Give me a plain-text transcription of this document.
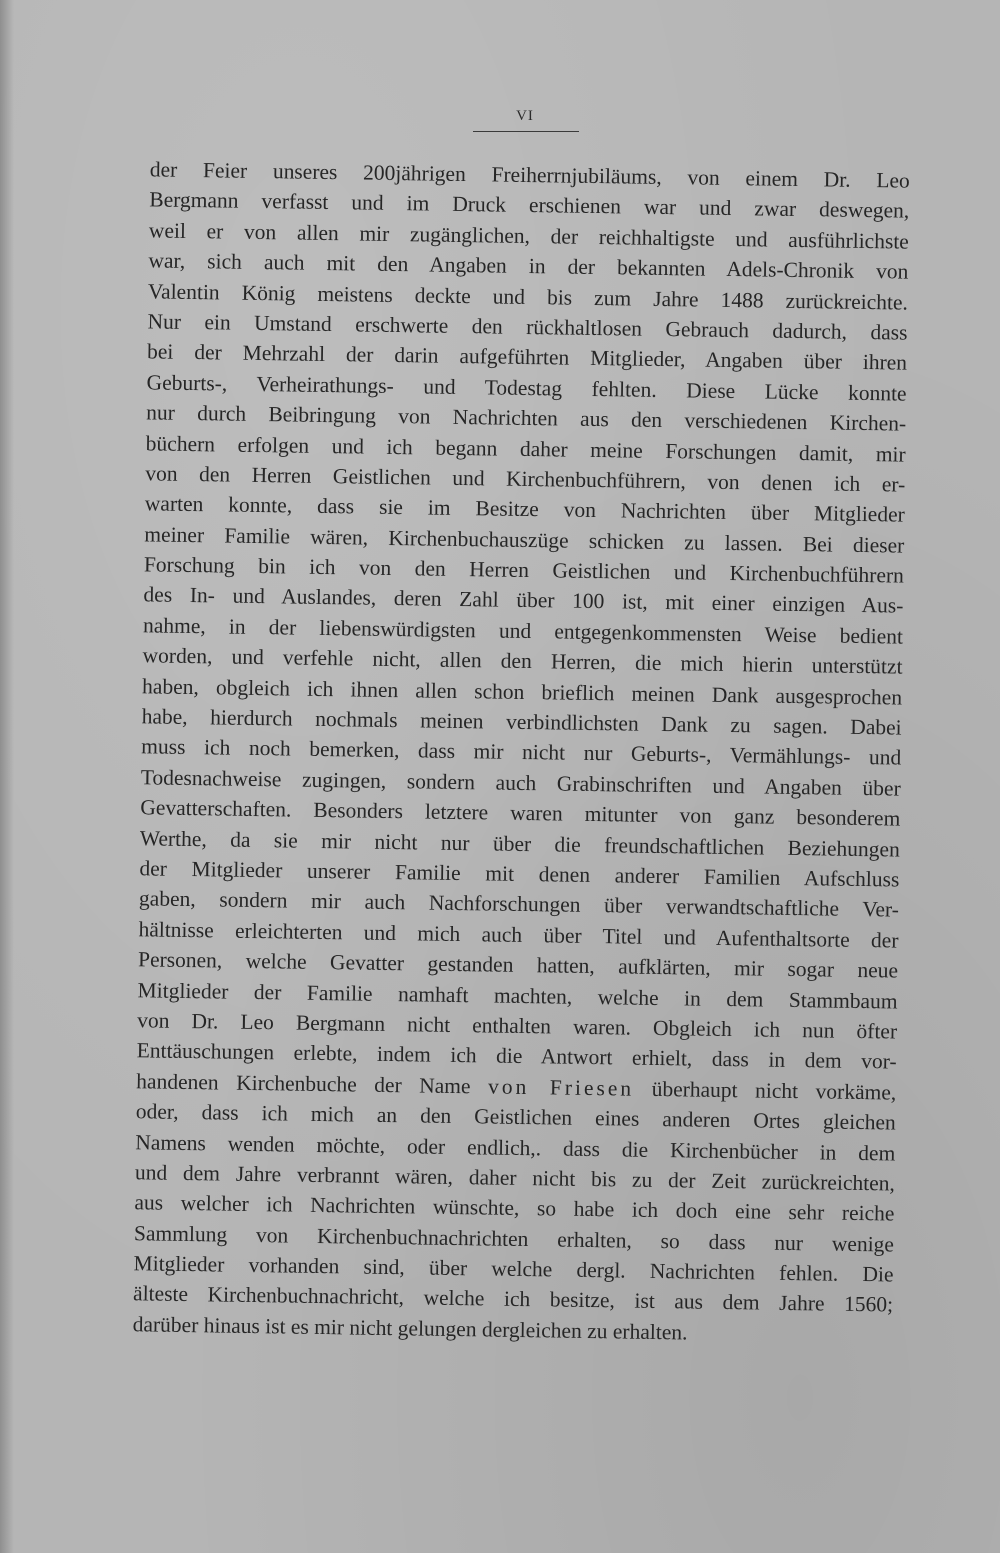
VI
der Feier unseres 200jährigen Freiherrnjubiläums, von einem Dr. Leo
Bergmann verfasst und im Druck erschienen war und zwar deswegen,
weil er von allen mir zugänglichen, der reichhaltigste und ausführlichste
war, sich auch mit den Angaben in der bekannten Adels-Chronik von
Valentin König meistens deckte und bis zum Jahre 1488 zurückreichte.
Nur ein Umstand erschwerte den rückhaltlosen Gebrauch dadurch, dass
bei der Mehrzahl der darin aufgeführten Mitglieder, Angaben über ihren
Geburts-, Verheirathungs- und Todestag fehlten. Diese Lücke konnte
nur durch Beibringung von Nachrichten aus den verschiedenen Kirchen-
büchern erfolgen und ich begann daher meine Forschungen damit, mir
von den Herren Geistlichen und Kirchenbuchführern, von denen ich er-
warten konnte, dass sie im Besitze von Nachrichten über Mitglieder
meiner Familie wären, Kirchenbuchauszüge schicken zu lassen. Bei dieser
Forschung bin ich von den Herren Geistlichen und Kirchenbuchführern
des In- und Auslandes, deren Zahl über 100 ist, mit einer einzigen Aus-
nahme, in der liebenswürdigsten und entgegenkommensten Weise bedient
worden, und verfehle nicht, allen den Herren, die mich hierin unterstützt
haben, obgleich ich ihnen allen schon brieflich meinen Dank ausgesprochen
habe, hierdurch nochmals meinen verbindlichsten Dank zu sagen. Dabei
muss ich noch bemerken, dass mir nicht nur Geburts-, Vermählungs- und
Todesnachweise zugingen, sondern auch Grabinschriften und Angaben über
Gevatterschaften. Besonders letztere waren mitunter von ganz besonderem
Werthe, da sie mir nicht nur über die freundschaftlichen Beziehungen
der Mitglieder unserer Familie mit denen anderer Familien Aufschluss
gaben, sondern mir auch Nachforschungen über verwandtschaftliche Ver-
hältnisse erleichterten und mich auch über Titel und Aufenthaltsorte der
Personen, welche Gevatter gestanden hatten, aufklärten, mir sogar neue
Mitglieder der Familie namhaft machten, welche in dem Stammbaum
von Dr. Leo Bergmann nicht enthalten waren. Obgleich ich nun öfter
Enttäuschungen erlebte, indem ich die Antwort erhielt, dass in dem vor-
handenen Kirchenbuche der Name von Friesen überhaupt nicht vorkäme,
oder, dass ich mich an den Geistlichen eines anderen Ortes gleichen
Namens wenden möchte, oder endlich,. dass die Kirchenbücher in dem
und dem Jahre verbrannt wären, daher nicht bis zu der Zeit zurückreichten,
aus welcher ich Nachrichten wünschte, so habe ich doch eine sehr reiche
Sammlung von Kirchenbuchnachrichten erhalten, so dass nur wenige
Mitglieder vorhanden sind, über welche dergl. Nachrichten fehlen. Die
älteste Kirchenbuchnachricht, welche ich besitze, ist aus dem Jahre 1560;
darüber hinaus ist es mir nicht gelungen dergleichen zu erhalten.
